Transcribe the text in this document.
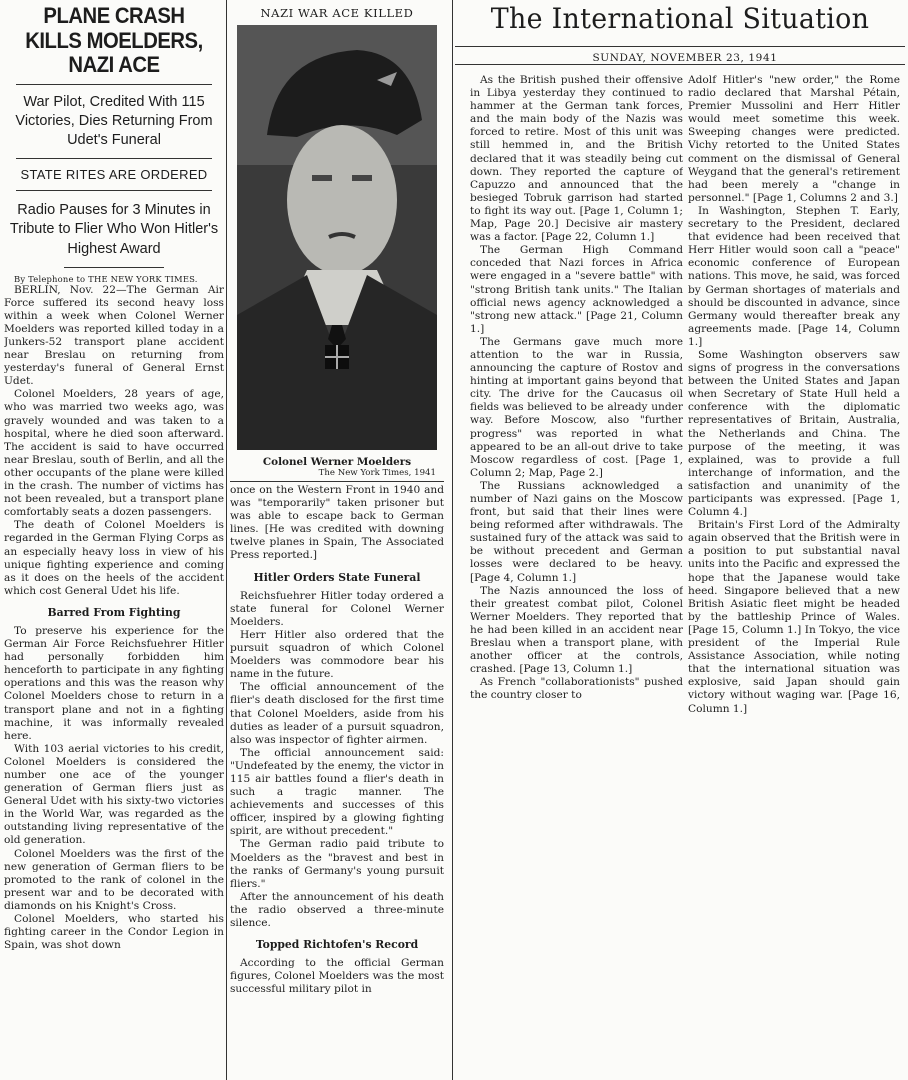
PLANE CRASH KILLS MOELDERS, NAZI ACE
War Pilot, Credited With 115 Victories, Dies Returning From Udet's Funeral
STATE RITES ARE ORDERED
Radio Pauses for 3 Minutes in Tribute to Flier Who Won Hitler's Highest Award
By Telephone to THE NEW YORK TIMES.

BERLIN, Nov. 22—The German Air Force suffered its second heavy loss within a week when Colonel Werner Moelders was reported killed today in a Junkers-52 transport plane accident near Breslau on returning from yesterday's funeral of General Ernst Udet.

Colonel Moelders, 28 years of age, who was married two weeks ago, was gravely wounded and was taken to a hospital, where he died soon afterward. The accident is said to have occurred near Breslau, south of Berlin, and all the other occupants of the plane were killed in the crash. The number of victims has not been revealed, but a transport plane comfortably seats a dozen passengers.

The death of Colonel Moelders is regarded in the German Flying Corps as an especially heavy loss in view of his unique fighting experience and coming as it does on the heels of the accident which cost General Udet his life.

Barred From Fighting

To preserve his experience for the German Air Force Reichsfuehrer Hitler had personally forbidden him henceforth to participate in any fighting operations and this was the reason why Colonel Moelders chose to return in a transport plane and not in a fighting machine, it was informally revealed here.

With 103 aerial victories to his credit, Colonel Moelders is considered the number one ace of the younger generation of German fliers just as General Udet with his sixty-two victories in the World War, was regarded as the outstanding living representative of the old generation.

Colonel Moelders was the first of the new generation of German fliers to be promoted to the rank of colonel in the present war and to be decorated with diamonds on his Knight's Cross.

Colonel Moelders, who started his fighting career in the Condor Legion in Spain, was shot down

NAZI WAR ACE KILLED
Colonel Werner Moelders
The New York Times, 1941

once on the Western Front in 1940 and was "temporarily" taken prisoner but was able to escape back to German lines. [He was credited with downing twelve planes in Spain, The Associated Press reported.]

Hitler Orders State Funeral

Reichsfuehrer Hitler today ordered a state funeral for Colonel Werner Moelders.

Herr Hitler also ordered that the pursuit squadron of which Colonel Moelders was commodore bear his name in the future.

The official announcement of the flier's death disclosed for the first time that Colonel Moelders, aside from his duties as leader of a pursuit squadron, also was inspector of fighter airmen.

The official announcement said: "Undefeated by the enemy, the victor in 115 air battles found a flier's death in such a tragic manner. The achievements and successes of this officer, inspired by a glowing fighting spirit, are without precedent."

The German radio paid tribute to Moelders as the "bravest and best in the ranks of Germany's young pursuit fliers."

After the announcement of his death the radio observed a three-minute silence.

Topped Richtofen's Record

According to the official German figures, Colonel Moelders was the most successful military pilot in

The International Situation
SUNDAY, NOVEMBER 23, 1941

As the British pushed their offensive in Libya yesterday they continued to hammer at the German tank forces, and the main body of the Nazis was forced to retire. Most of this unit was still hemmed in, and the British declared that it was steadily being cut down. They reported the capture of Capuzzo and announced that the besieged Tobruk garrison had started to fight its way out. [Page 1, Column 1; Map, Page 20.] Decisive air mastery was a factor. [Page 22, Column 1.]

The German High Command conceded that Nazi forces in Africa were engaged in a "severe battle" with "strong British tank units." The Italian official news agency acknowledged a "strong new attack." [Page 21, Column 1.]

The Germans gave much more attention to the war in Russia, announcing the capture of Rostov and hinting at important gains beyond that city. The drive for the Caucasus oil fields was believed to be already under way. Before Moscow, also "further progress" was reported in what appeared to be an all-out drive to take Moscow regardless of cost. [Page 1, Column 2; Map, Page 2.]

The Russians acknowledged a number of Nazi gains on the Moscow front, but said that their lines were being reformed after withdrawals. The sustained fury of the attack was said to be without precedent and German losses were declared to be heavy. [Page 4, Column 1.]

The Nazis announced the loss of their greatest combat pilot, Colonel Werner Moelders. They reported that he had been killed in an accident near Breslau when a transport plane, with another officer at the controls, crashed. [Page 13, Column 1.]

As French "collaborationists" pushed the country closer to

Adolf Hitler's "new order," the Rome radio declared that Marshal Pétain, Premier Mussolini and Herr Hitler would meet sometime this week. Sweeping changes were predicted. Vichy retorted to the United States comment on the dismissal of General Weygand that the general's retirement had been merely a "change in personnel." [Page 1, Columns 2 and 3.]

In Washington, Stephen T. Early, secretary to the President, declared that evidence had been received that Herr Hitler would soon call a "peace" economic conference of European nations. This move, he said, was forced by German shortages of materials and should be discounted in advance, since Germany would thereafter break any agreements made. [Page 14, Column 1.]

Some Washington observers saw signs of progress in the conversations between the United States and Japan when Secretary of State Hull held a conference with the diplomatic representatives of Britain, Australia, the Netherlands and China. The purpose of the meeting, it was explained, was to provide a full interchange of information, and the satisfaction and unanimity of the participants was expressed. [Page 1, Column 4.]

Britain's First Lord of the Admiralty again observed that the British were in a position to put substantial naval units into the Pacific and expressed the hope that the Japanese would take heed. Singapore believed that a new British Asiatic fleet might be headed by the battleship Prince of Wales. [Page 15, Column 1.] In Tokyo, the vice president of the Imperial Rule Assistance Association, while noting that the international situation was explosive, said Japan should gain victory without waging war. [Page 16, Column 1.]
